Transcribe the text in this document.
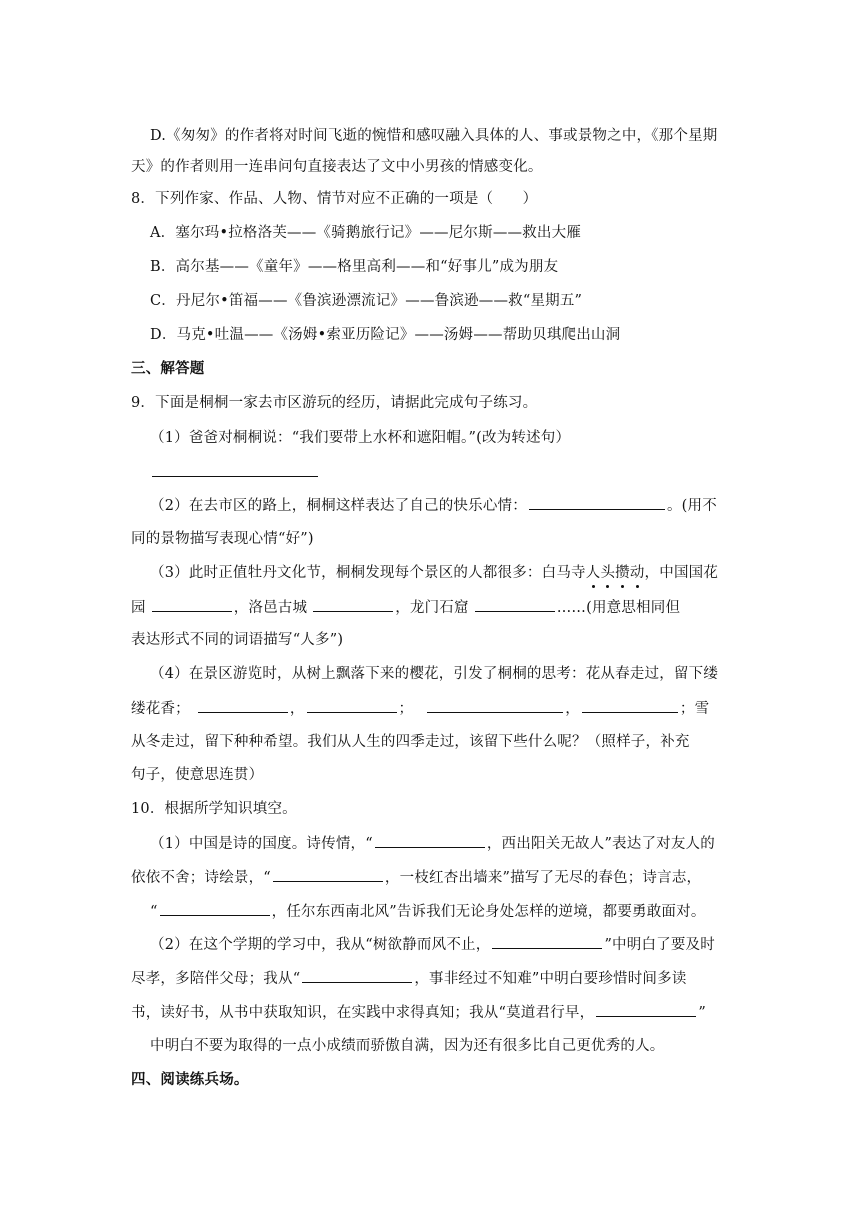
D.《匆匆》的作者将对时间飞逝的惋惜和感叹融入具体的人、事或景物之中，《那个星期
天》的作者则用一连串问句直接表达了文中小男孩的情感变化。
8．下列作家、作品、人物、情节对应不正确的一项是（　　）
A．塞尔玛•拉格洛芙——《骑鹅旅行记》——尼尔斯——救出大雁
B．高尔基——《童年》——格里高利——和“好事儿”成为朋友
C．丹尼尔•笛福——《鲁滨逊漂流记》——鲁滨逊——救“星期五”
D．马克•吐温——《汤姆•索亚历险记》——汤姆——帮助贝琪爬出山洞
三、解答题
9．下面是桐桐一家去市区游玩的经历，请据此完成句子练习。
（1）爸爸对桐桐说：“我们要带上水杯和遮阳帽。”(改为转述句）
（2）在去市区的路上，桐桐这样表达了自己的快乐心情：	。(用不
同的景物描写表现心情“好”)
（3）此时正值牡丹文化节，桐桐发现每个景区的人都很多：白马寺人头攒动，中国国花
园	，洛邑古城	，龙门石窟	……(用意思相同但
表达形式不同的词语描写“人多”)
（4）在景区游览时，从树上飘落下来的樱花，引发了桐桐的思考：花从春走过，留下缕
缕花香；	，	；	，	；雪
从冬走过，留下种种希望。我们从人生的四季走过，该留下些什么呢？（照样子，补充
句子，使意思连贯）
10．根据所学知识填空。
（1）中国是诗的国度。诗传情，“	，西出阳关无故人”表达了对友人的
依依不舍；诗绘景，“	，一枝红杏出墙来”描写了无尽的春色；诗言志，
“	，任尔东西南北风”告诉我们无论身处怎样的逆境，都要勇敢面对。
（2）在这个学期的学习中，我从“树欲静而风不止，	”中明白了要及时
尽孝，多陪伴父母；我从“	，事非经过不知难”中明白要珍惜时间多读
书，读好书，从书中获取知识，在实践中求得真知；我从“莫道君行早，	”
中明白不要为取得的一点小成绩而骄傲自满，因为还有很多比自己更优秀的人。
四、阅读练兵场。
